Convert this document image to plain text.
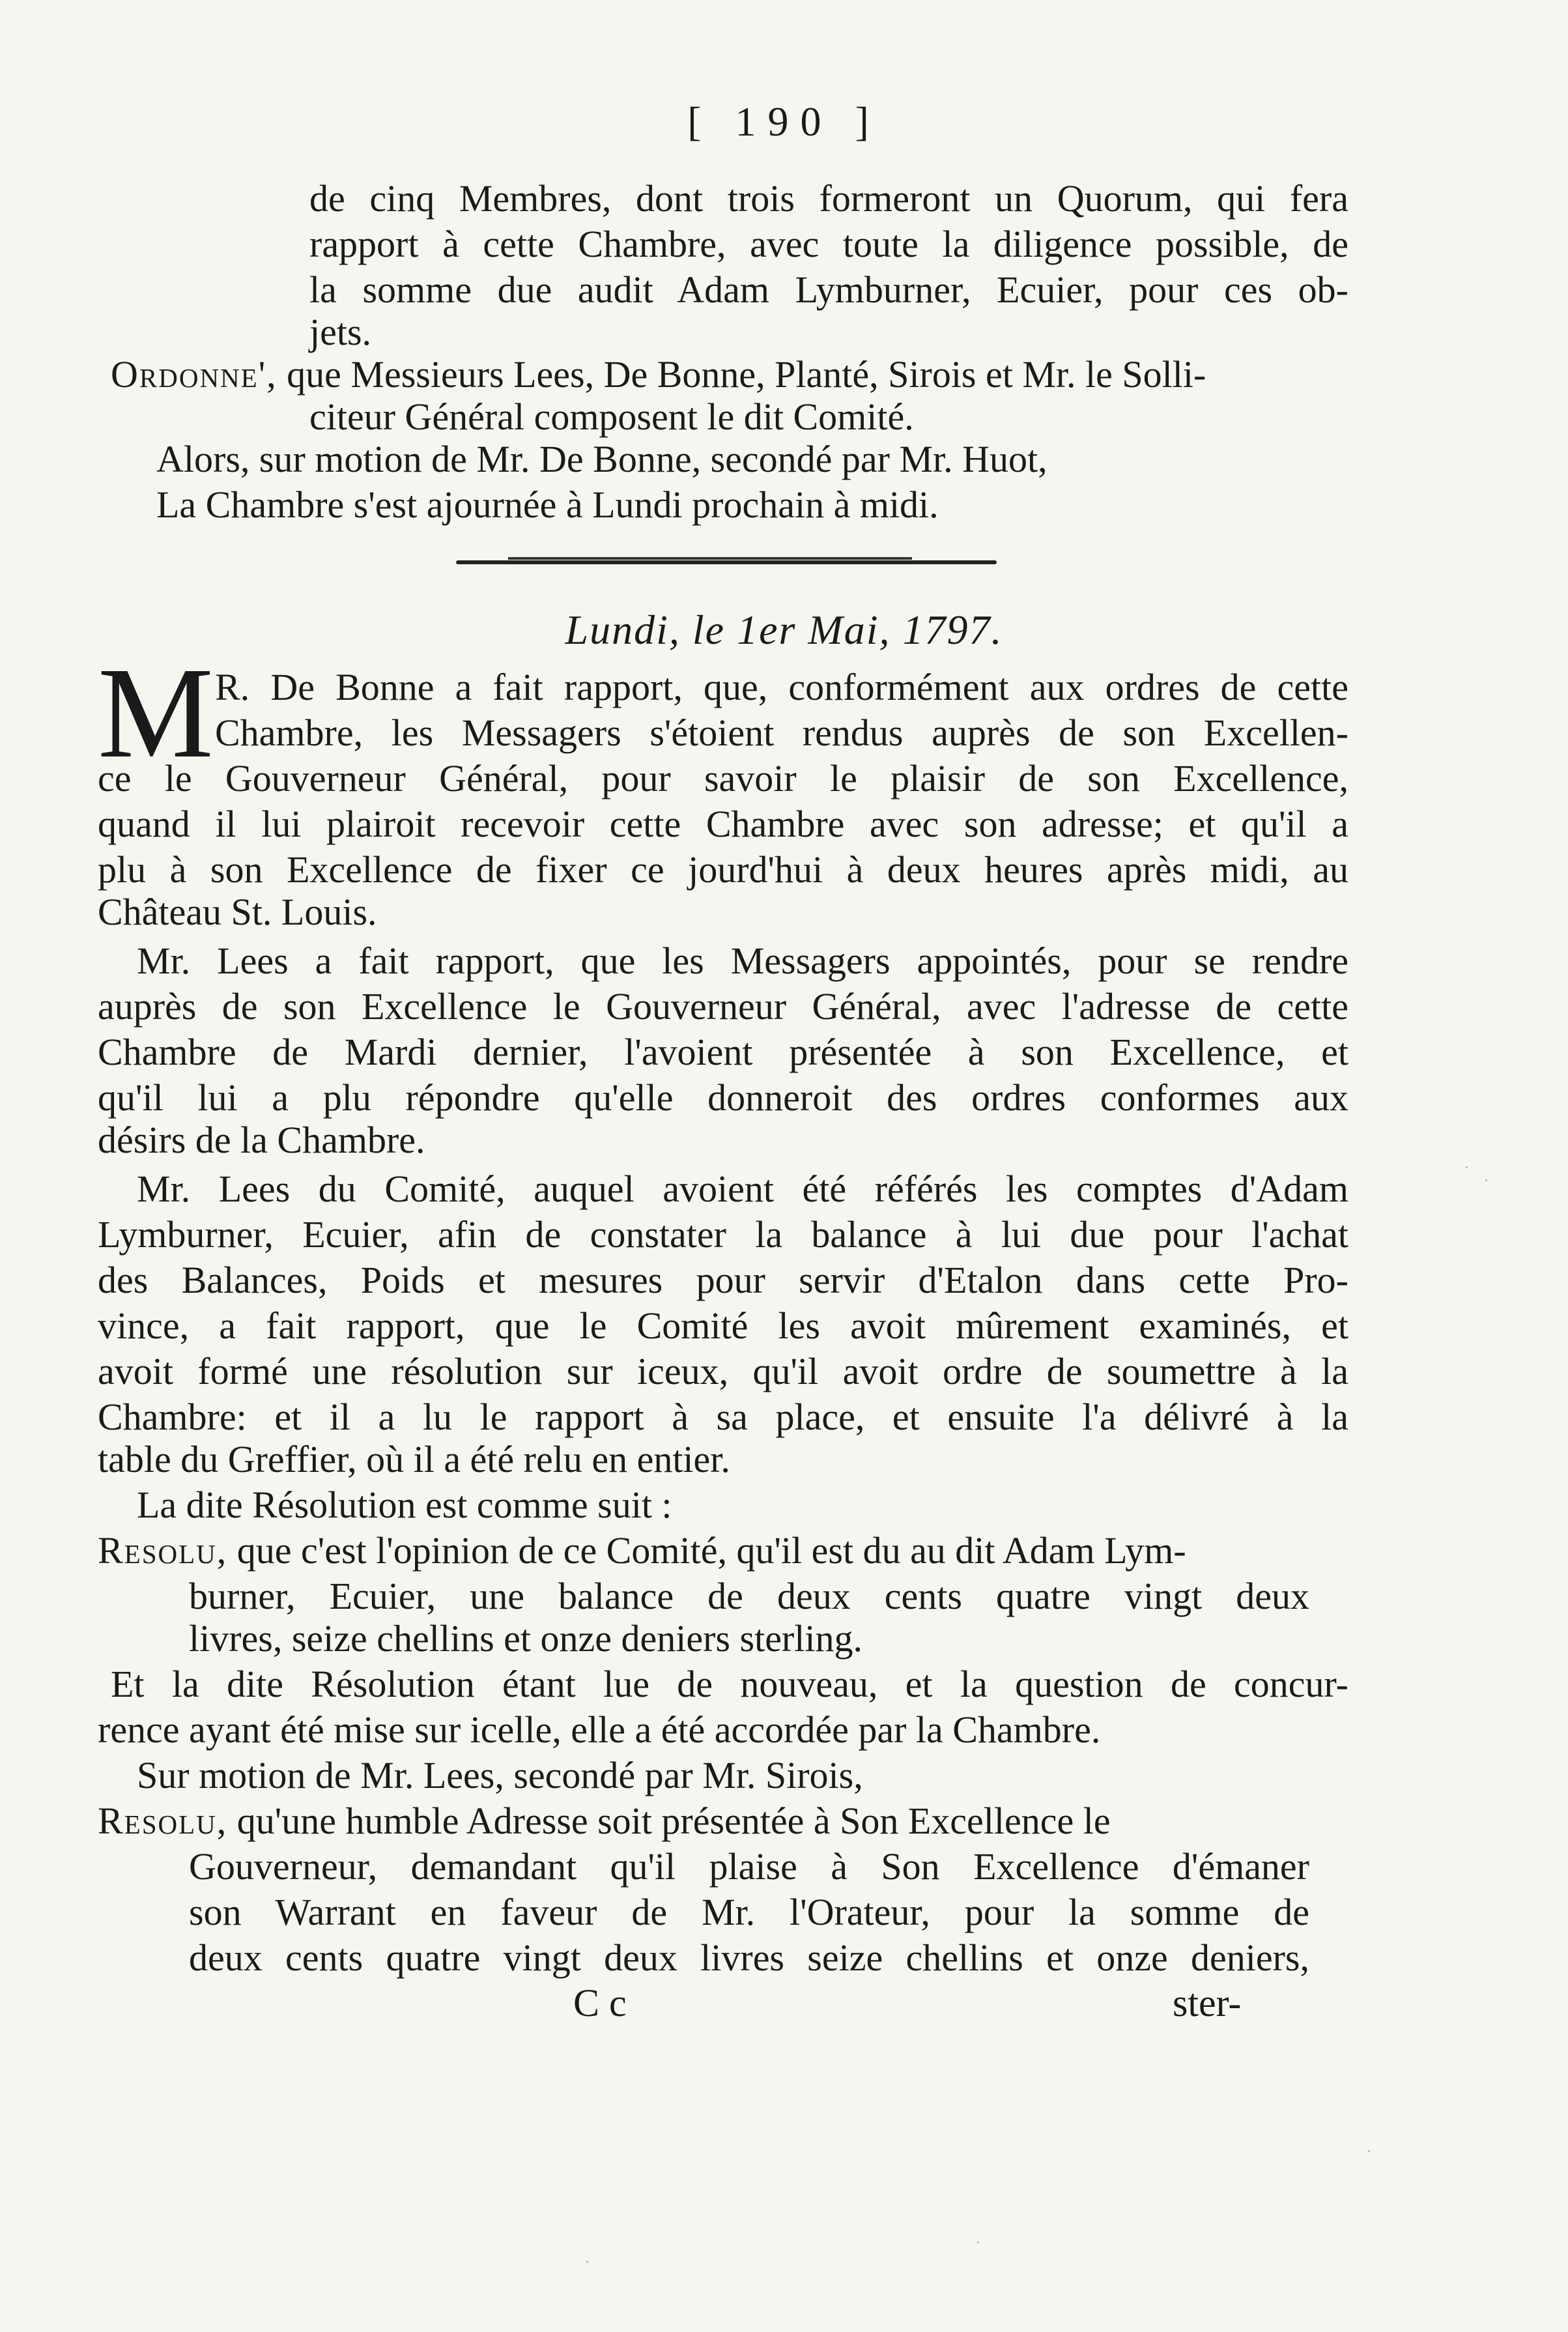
[ 190 ]
de cinq Membres, dont trois formeront un Quorum, qui fera
rapport à cette Chambre, avec toute la diligence possible, de
la somme due audit Adam Lymburner, Ecuier, pour ces ob-
jets.
Ordonne', que Messieurs Lees, De Bonne, Planté, Sirois et Mr. le Solli-
citeur Général composent le dit Comité.
Alors, sur motion de Mr. De Bonne, secondé par Mr. Huot,
La Chambre s'est ajournée à Lundi prochain à midi.
Lundi, le 1er Mai, 1797.
M R. De Bonne a fait rapport, que, conformément aux ordres de cette
Chambre, les Messagers s'étoient rendus auprès de son Excellen-
ce le Gouverneur Général, pour savoir le plaisir de son Excellence,
quand il lui plairoit recevoir cette Chambre avec son adresse; et qu'il a
plu à son Excellence de fixer ce jourd'hui à deux heures après midi, au
Château St. Louis.
Mr. Lees a fait rapport, que les Messagers appointés, pour se rendre
auprès de son Excellence le Gouverneur Général, avec l'adresse de cette
Chambre de Mardi dernier, l'avoient présentée à son Excellence, et
qu'il lui a plu répondre qu'elle donneroit des ordres conformes aux
désirs de la Chambre.
Mr. Lees du Comité, auquel avoient été référés les comptes d'Adam
Lymburner, Ecuier, afin de constater la balance à lui due pour l'achat
des Balances, Poids et mesures pour servir d'Etalon dans cette Pro-
vince, a fait rapport, que le Comité les avoit mûrement examinés, et
avoit formé une résolution sur iceux, qu'il avoit ordre de soumettre à la
Chambre: et il a lu le rapport à sa place, et ensuite l'a délivré à la
table du Greffier, où il a été relu en entier.
La dite Résolution est comme suit :
Resolu, que c'est l'opinion de ce Comité, qu'il est du au dit Adam Lym-
burner, Ecuier, une balance de deux cents quatre vingt deux
livres, seize chellins et onze deniers sterling.
Et la dite Résolution étant lue de nouveau, et la question de concur-
rence ayant été mise sur icelle, elle a été accordée par la Chambre.
Sur motion de Mr. Lees, secondé par Mr. Sirois,
Resolu, qu'une humble Adresse soit présentée à Son Excellence le
Gouverneur, demandant qu'il plaise à Son Excellence d'émaner
son Warrant en faveur de Mr. l'Orateur, pour la somme de
deux cents quatre vingt deux livres seize chellins et onze deniers,
C c	ster-
